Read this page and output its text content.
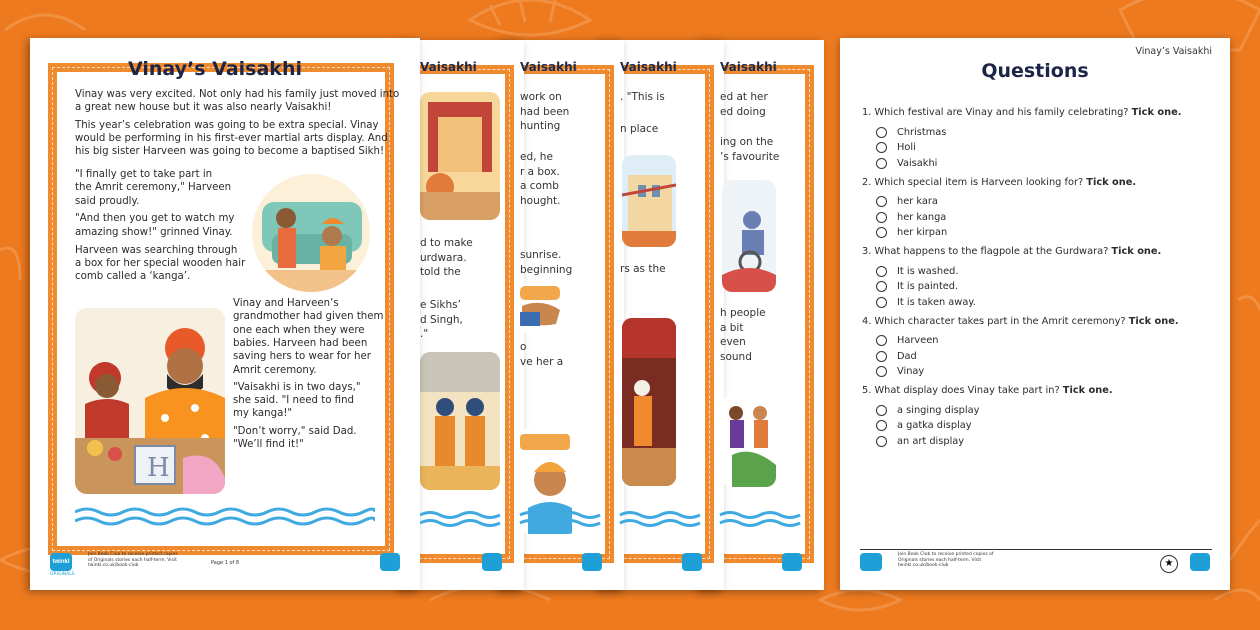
Vaisakhi
d to make
urdwara.
told the
e Sikhs’
d Singh,
."
Vaisakhi
work on
had been
hunting
ed, he
r a box.
a comb
hought.
sunrise.
beginning
o
ve her a
Vaisakhi
. "This is
n place
rs as the
Vaisakhi
ed at her
ed doing
ing on the
’s favourite
h people
a bit
even
sound
Vinay’s Vaisakhi
Vinay was very excited. Not only had his family just moved into
a great new house but it was also nearly Vaisakhi!
This year’s celebration was going to be extra special. Vinay
would be performing in his first-ever martial arts display. And
his big sister Harveen was going to become a baptised Sikh!
"I finally get to take part in
the Amrit ceremony," Harveen
said proudly.
"And then you get to watch my
amazing show!" grinned Vinay.
Harveen was searching through
a box for her special wooden hair
comb called a ‘kanga’.
Vinay and Harveen’s
grandmother had given them
one each when they were
babies. Harveen had been
saving hers to wear for her
Amrit ceremony.
"Vaisakhi is in two days,"
she said. "I need to find
my kanga!"
"Don’t worry," said Dad.
"We’ll find it!"
H
twinkl
ORIGINALS
Join Book Club to receive printed copies of Originals stories each half-term. Visit twinkl.co.uk/book-club	Page 1 of 8
Vinay’s Vaisakhi
Questions
1. Which festival are Vinay and his family celebrating? Tick one.
Christmas
Holi
Vaisakhi
2. Which special item is Harveen looking for? Tick one.
her kara
her kanga
her kirpan
3. What happens to the flagpole at the Gurdwara? Tick one.
It is washed.
It is painted.
It is taken away.
4. Which character takes part in the Amrit ceremony? Tick one.
Harveen
Dad
Vinay
5. What display does Vinay take part in? Tick one.
a singing display
a gatka display
an art display
Join Book Club to receive printed copies of Originals stories each half-term. Visit twinkl.co.uk/book-club	★
